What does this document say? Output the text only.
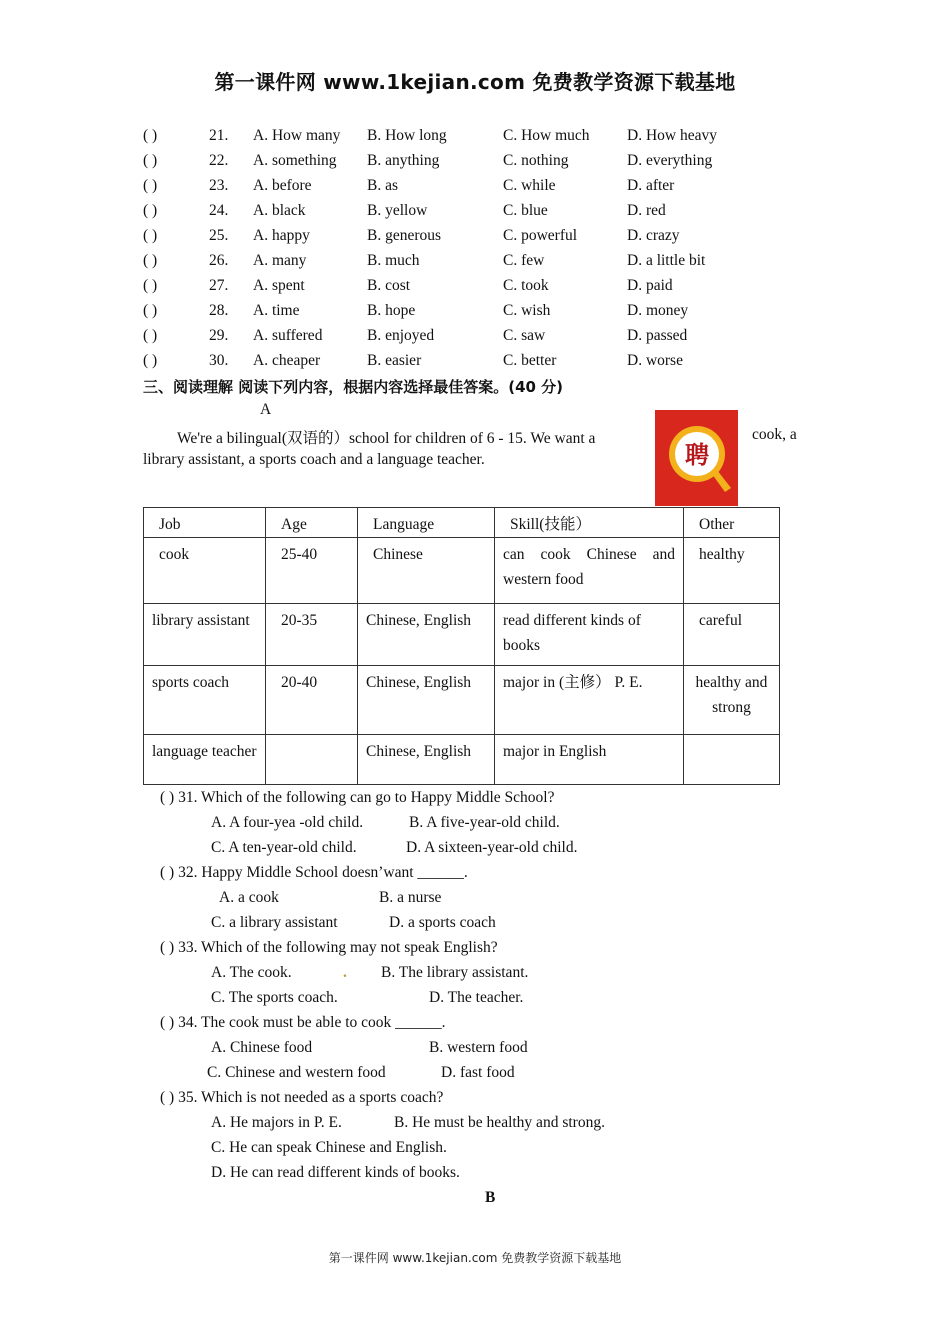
第一课件网 www.1kejian.com 免费教学资源下载基地
( )	21. A. How many B. How long	C. How much D. How heavy
( )	22. A. something B. anything	C. nothing	D. everything
( )	23. A. before	B. as	C. while	D. after
( )	24. A. black	B. yellow	C. blue	D. red
( )	25. A. happy	B. generous	C. powerful	D. crazy
( )	26. A. many	B. much	C. few	D. a little bit
( )	27. A. spent	B. cost	C. took	D. paid
( )	28. A. time	B. hope	C. wish	D. money
( )	29. A. suffered	B. enjoyed	C. saw	D. passed
( )	30. A. cheaper	B. easier	C. better	D. worse
三、阅读理解 阅读下列内容，根据内容选择最佳答案。(40 分)
A
We're a bilingual(双语的）school for children of 6 - 15. We want a	cook, a
library assistant, a sports coach and a language teacher.	聘
Job	Age	Language	Skill(技能）	Other
cook	25-40	Chinese	can cook Chinese and western food	healthy
library assistant	20-35	Chinese, English	read different kinds of books	careful
sports coach	20-40	Chinese, English	major in (主修） P. E.	healthy and strong
language teacher		Chinese, English	major in English	
( ) 31. Which of the following can go to Happy Middle School?
A. A four-yea -old child.	B. A five-year-old child.
C. A ten-year-old child.	D. A sixteen-year-old child.
( ) 32. Happy Middle School doesn’want ______.
A. a cook	B. a nurse
C. a library assistant	D. a sports coach
( ) 33. Which of the following may not speak English?
A. The cook.	. B. The library assistant.
C. The sports coach.	D. The teacher.
( ) 34. The cook must be able to cook ______.
A. Chinese food	B. western food
C. Chinese and western food	D. fast food
( ) 35. Which is not needed as a sports coach?
A. He majors in P. E.	B. He must be healthy and strong.
C. He can speak Chinese and English.
D. He can read different kinds of books.
B
第一课件网 www.1kejian.com 免费教学资源下载基地
